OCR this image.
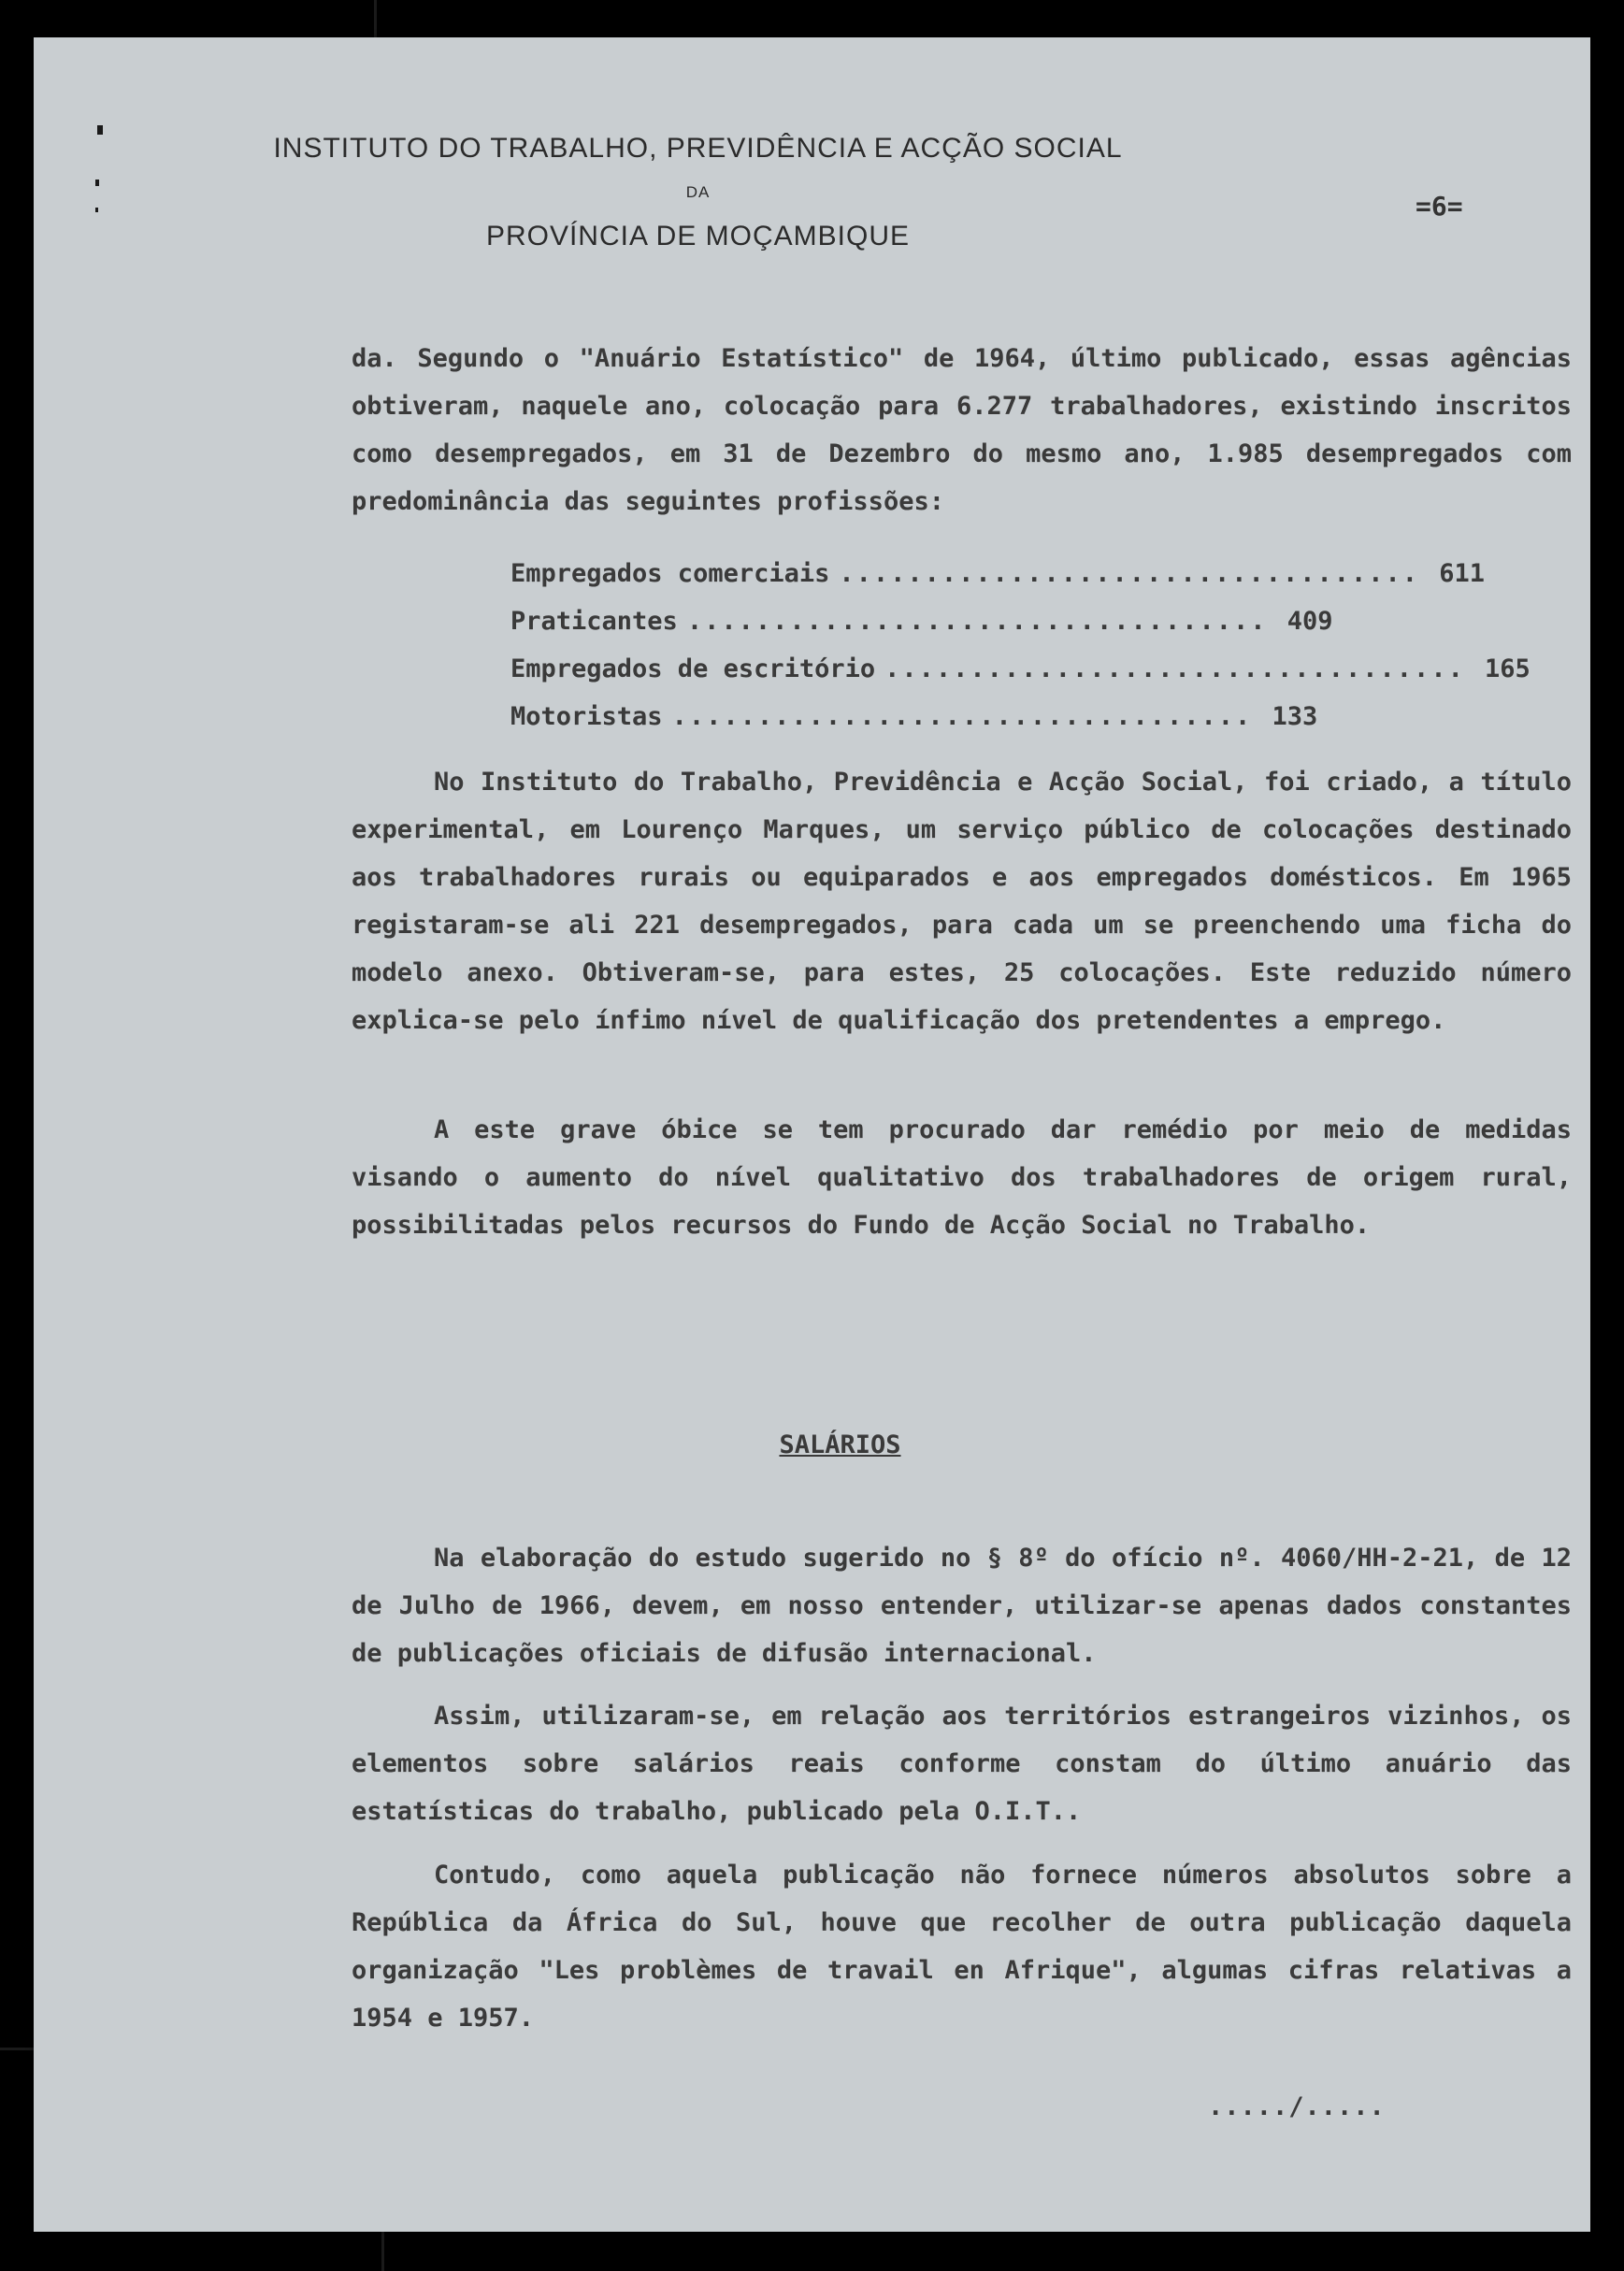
INSTITUTO DO TRABALHO, PREVIDÊNCIA E ACÇÃO SOCIAL
DA
PROVÍNCIA DE MOÇAMBIQUE
=6=

da. Segundo o "Anuário Estatístico" de 1964, último publicado, essas agências obtiveram, naquele ano, colocação para 6.277 trabalhadores, existindo inscritos como desempregados, em 31 de Dezembro do mesmo ano, 1.985 desempregados com predominância das seguintes profissões:

Empregados comerciais .................................. 611
Praticantes .................................. 409
Empregados de escritório .................................. 165
Motoristas .................................. 133

No Instituto do Trabalho, Previdência e Acção Social, foi criado, a título experimental, em Lourenço Marques, um serviço público de colocações destinado aos trabalhadores rurais ou equiparados e aos empregados domésticos. Em 1965 registaram-se ali 221 desempregados, para cada um se preenchendo uma ficha do modelo anexo. Obtiveram-se, para estes, 25 colocações. Este reduzido número explica-se pelo ínfimo nível de qualificação dos pretendentes a emprego.

A este grave óbice se tem procurado dar remédio por meio de medidas visando o aumento do nível qualitativo dos trabalhadores de origem rural, possibilitadas pelos recursos do Fundo de Acção Social no Trabalho.

SALÁRIOS

Na elaboração do estudo sugerido no § 8º do ofício nº. 4060/HH-2-21, de 12 de Julho de 1966, devem, em nosso entender, utilizar-se apenas dados constantes de publicações oficiais de difusão internacional.

Assim, utilizaram-se, em relação aos territórios estrangeiros vizinhos, os elementos sobre salários reais conforme constam do último anuário das estatísticas do trabalho, publicado pela O.I.T..

Contudo, como aquela publicação não fornece números absolutos sobre a República da África do Sul, houve que recolher de outra publicação daquela organização "Les problèmes de travail en Afrique", algumas cifras relativas a 1954 e 1957.

...../.....
